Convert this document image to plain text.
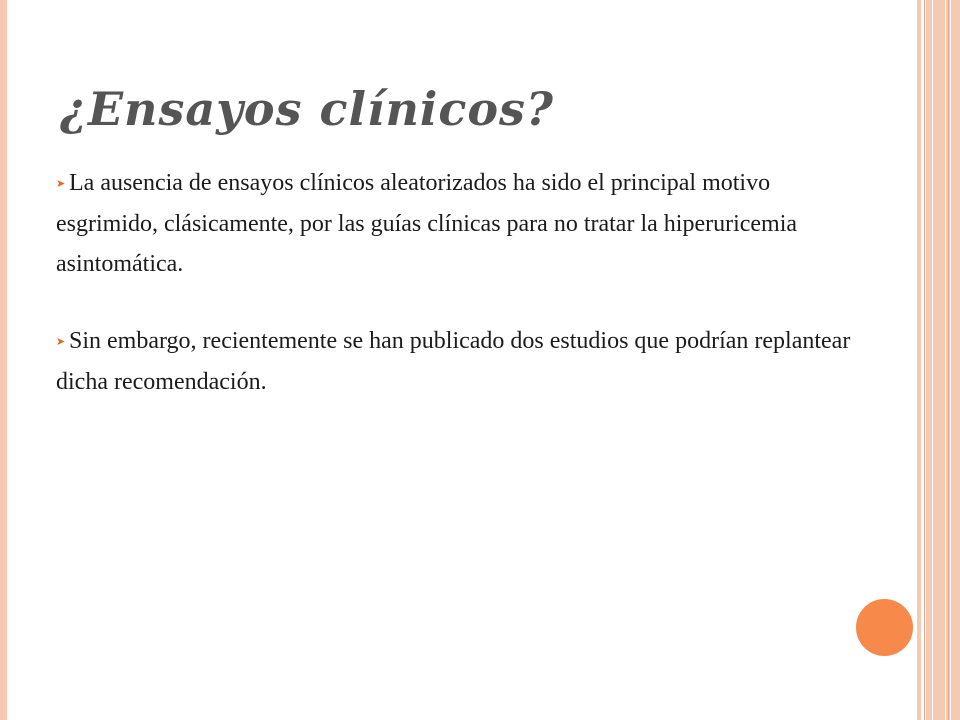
¿Ensayos clínicos?

➤ La ausencia de ensayos clínicos aleatorizados ha sido el principal motivo esgrimido, clásicamente, por las guías clínicas para no tratar la hiperuricemia asintomática.

➤ Sin embargo, recientemente se han publicado dos estudios que podrían replantear dicha recomendación.
